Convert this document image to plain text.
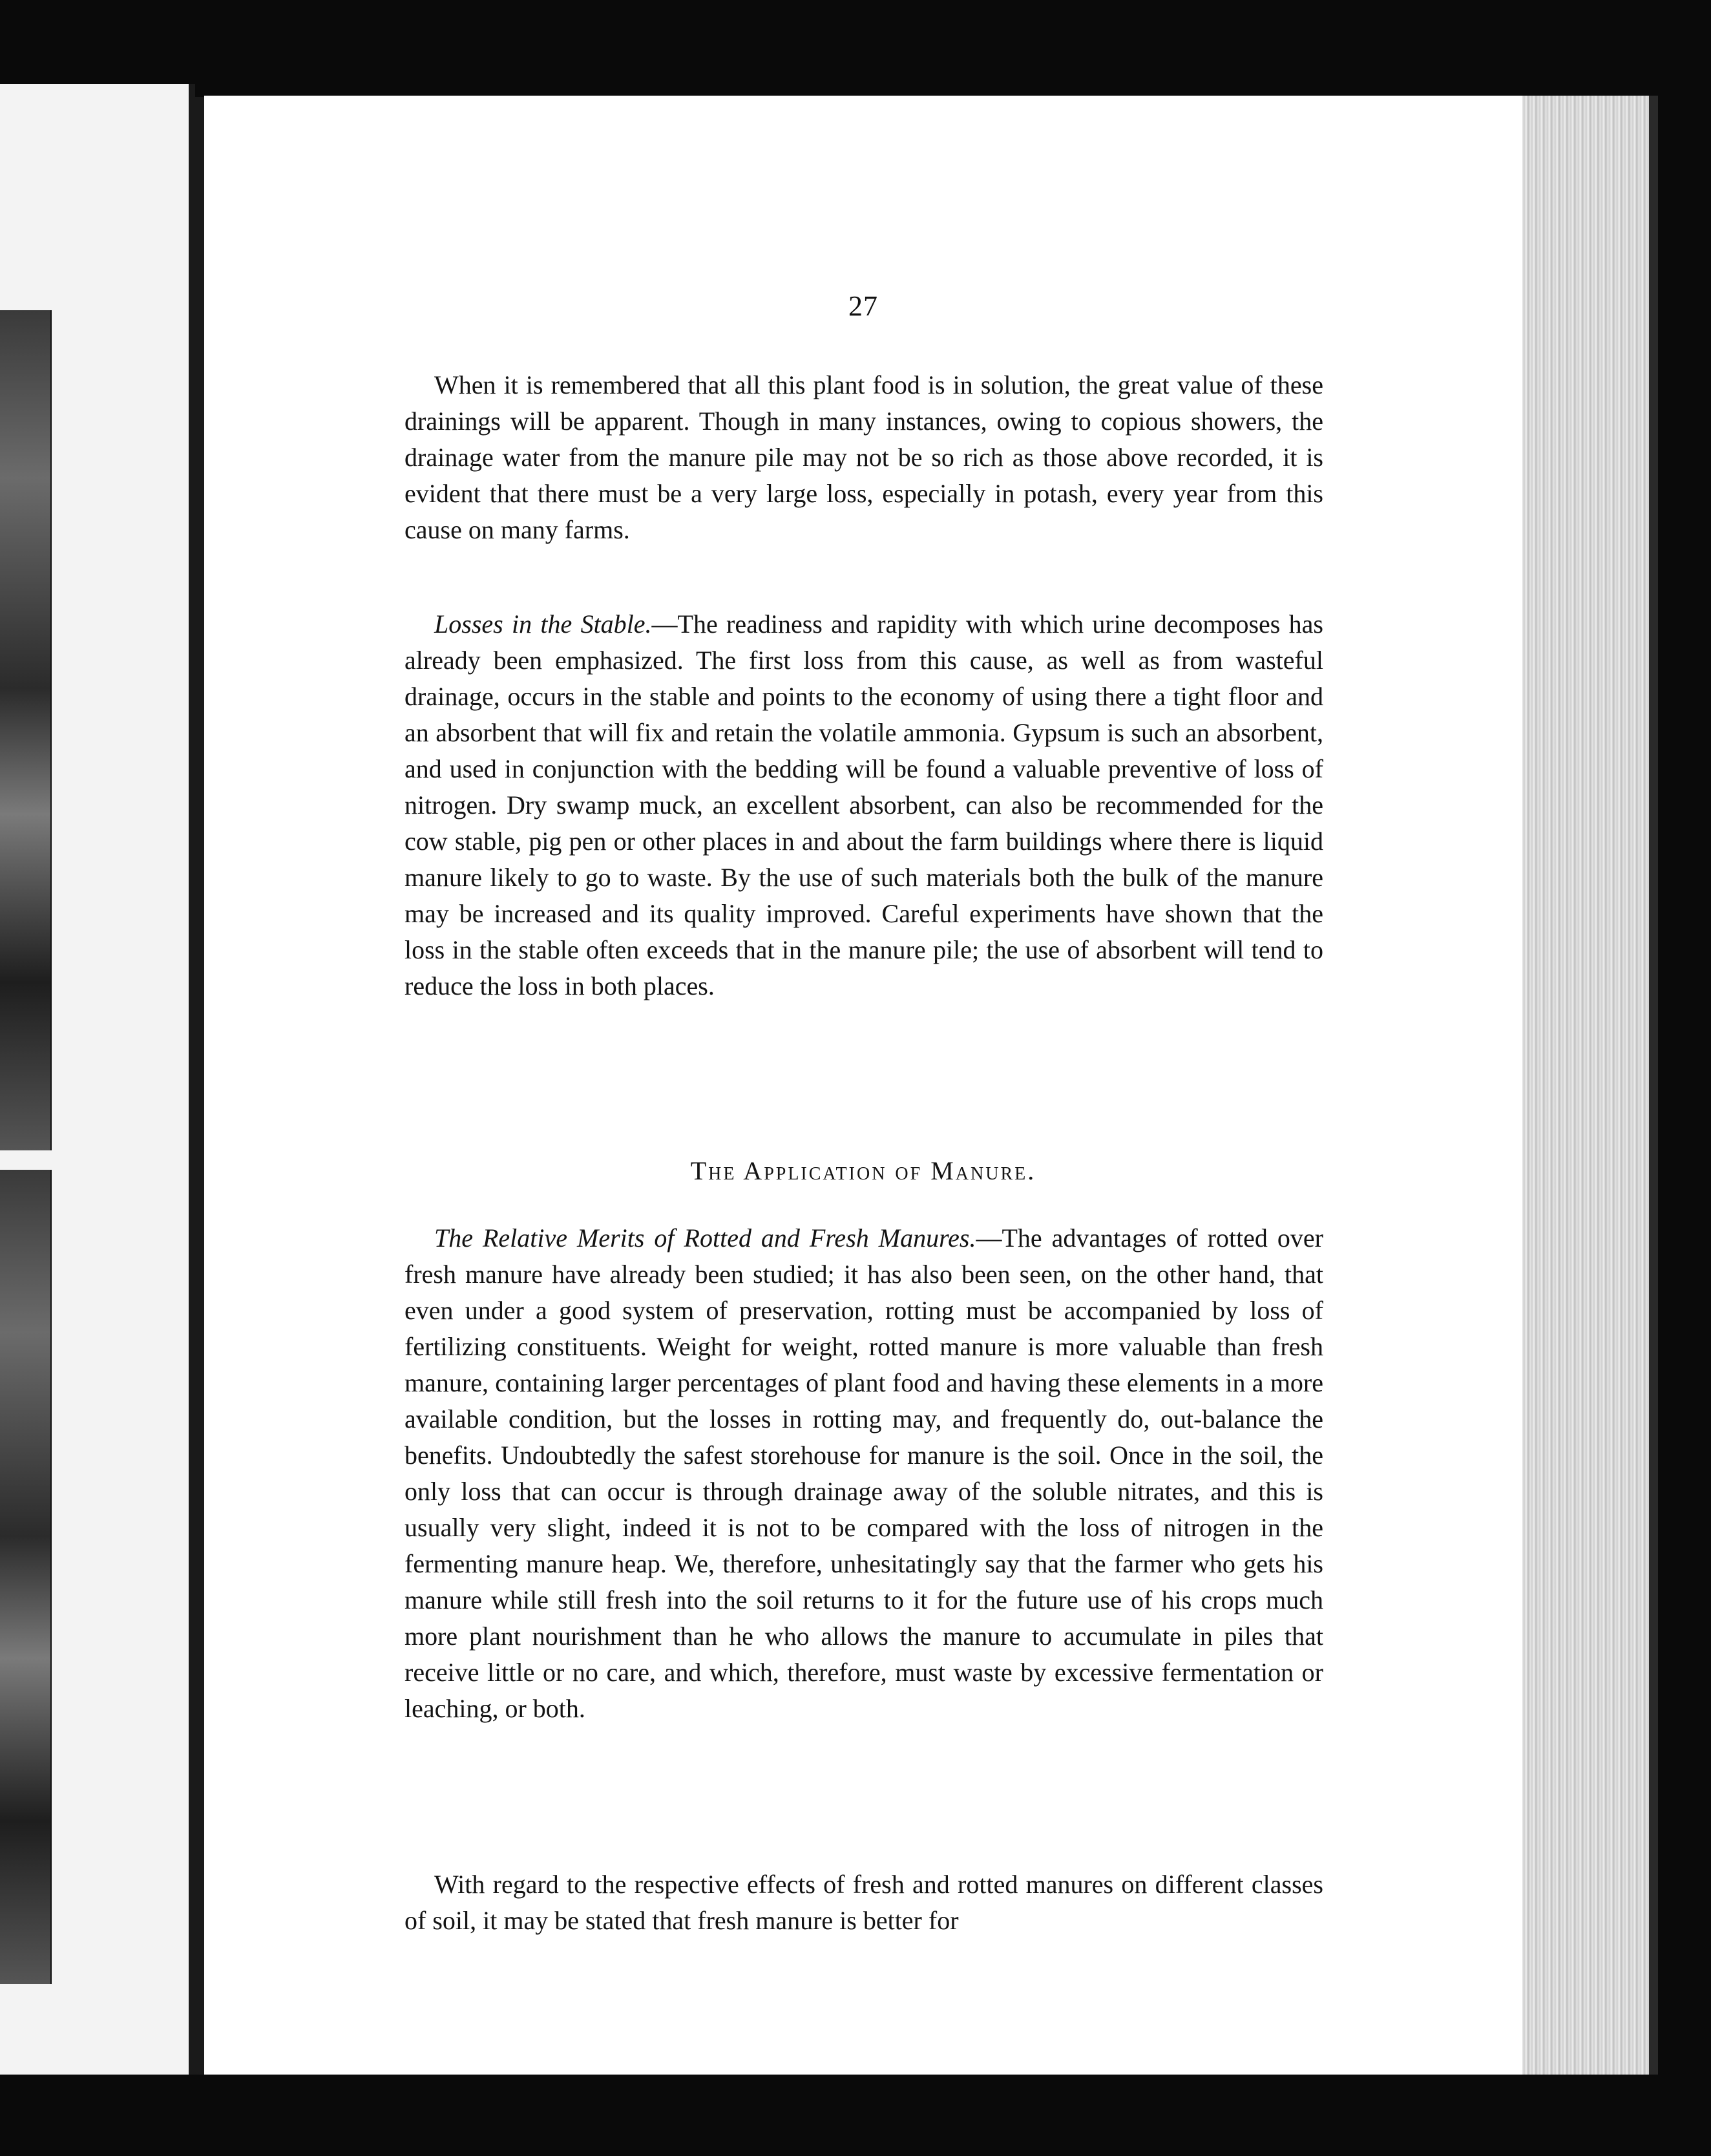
27
When it is remembered that all this plant food is in solution, the great value of these drainings will be apparent. Though in many instances, owing to copious showers, the drainage water from the manure pile may not be so rich as those above recorded, it is evident that there must be a very large loss, especially in potash, every year from this cause on many farms.
Losses in the Stable.—The readiness and rapidity with which urine decomposes has already been emphasized. The first loss from this cause, as well as from wasteful drainage, occurs in the stable and points to the economy of using there a tight floor and an absorbent that will fix and retain the volatile ammonia. Gypsum is such an absorbent, and used in conjunction with the bedding will be found a valuable preventive of loss of nitrogen. Dry swamp muck, an excellent absorbent, can also be recommended for the cow stable, pig pen or other places in and about the farm buildings where there is liquid manure likely to go to waste. By the use of such materials both the bulk of the manure may be increased and its quality improved. Careful experiments have shown that the loss in the stable often exceeds that in the manure pile; the use of absorbent will tend to reduce the loss in both places.
The Application of Manure.
The Relative Merits of Rotted and Fresh Manures.—The advantages of rotted over fresh manure have already been studied; it has also been seen, on the other hand, that even under a good system of preservation, rotting must be accompanied by loss of fertilizing constituents. Weight for weight, rotted manure is more valuable than fresh manure, containing larger percentages of plant food and having these elements in a more available condition, but the losses in rotting may, and frequently do, out-balance the benefits. Undoubtedly the safest storehouse for manure is the soil. Once in the soil, the only loss that can occur is through drainage away of the soluble nitrates, and this is usually very slight, indeed it is not to be compared with the loss of nitrogen in the fermenting manure heap. We, therefore, unhesitatingly say that the farmer who gets his manure while still fresh into the soil returns to it for the future use of his crops much more plant nourishment than he who allows the manure to accumulate in piles that receive little or no care, and which, therefore, must waste by excessive fermentation or leaching, or both.
With regard to the respective effects of fresh and rotted manures on different classes of soil, it may be stated that fresh manure is better for
